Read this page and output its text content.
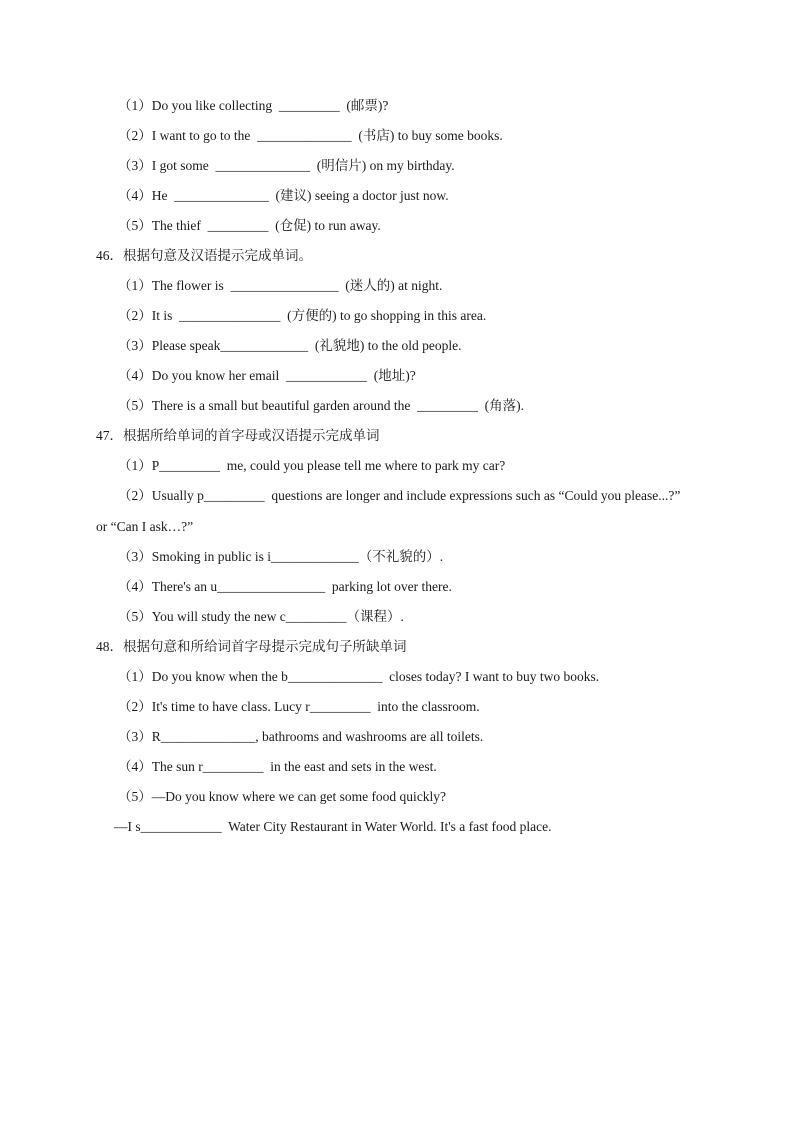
（1）Do you like collecting  _________  (邮票)?
（2）I want to go to the  ______________  (书店) to buy some books.
（3）I got some  ______________  (明信片) on my birthday.
（4）He  ______________  (建议) seeing a doctor just now.
（5）The thief  _________  (仓促) to run away.
46．根据句意及汉语提示完成单词。
（1）The flower is  ________________  (迷人的) at night.
（2）It is  _______________  (方便的) to go shopping in this area.
（3）Please speak_____________  (礼貌地) to the old people.
（4）Do you know her email  ____________  (地址)?
（5）There is a small but beautiful garden around the  _________  (角落).
47．根据所给单词的首字母或汉语提示完成单词
（1）P_________  me, could you please tell me where to park my car?
（2）Usually p_________  questions are longer and include expressions such as “Could you please...?”
or “Can I ask…?”
（3）Smoking in public is i_____________（不礼貌的）.
（4）There's an u________________  parking lot over there.
（5）You will study the new c_________（课程）.
48．根据句意和所给词首字母提示完成句子所缺单词
（1）Do you know when the b______________  closes today? I want to buy two books.
（2）It's time to have class. Lucy r_________  into the classroom.
（3）R______________, bathrooms and washrooms are all toilets.
（4）The sun r_________  in the east and sets in the west.
（5）—Do you know where we can get some food quickly?
—I s____________  Water City Restaurant in Water World. It's a fast food place.
